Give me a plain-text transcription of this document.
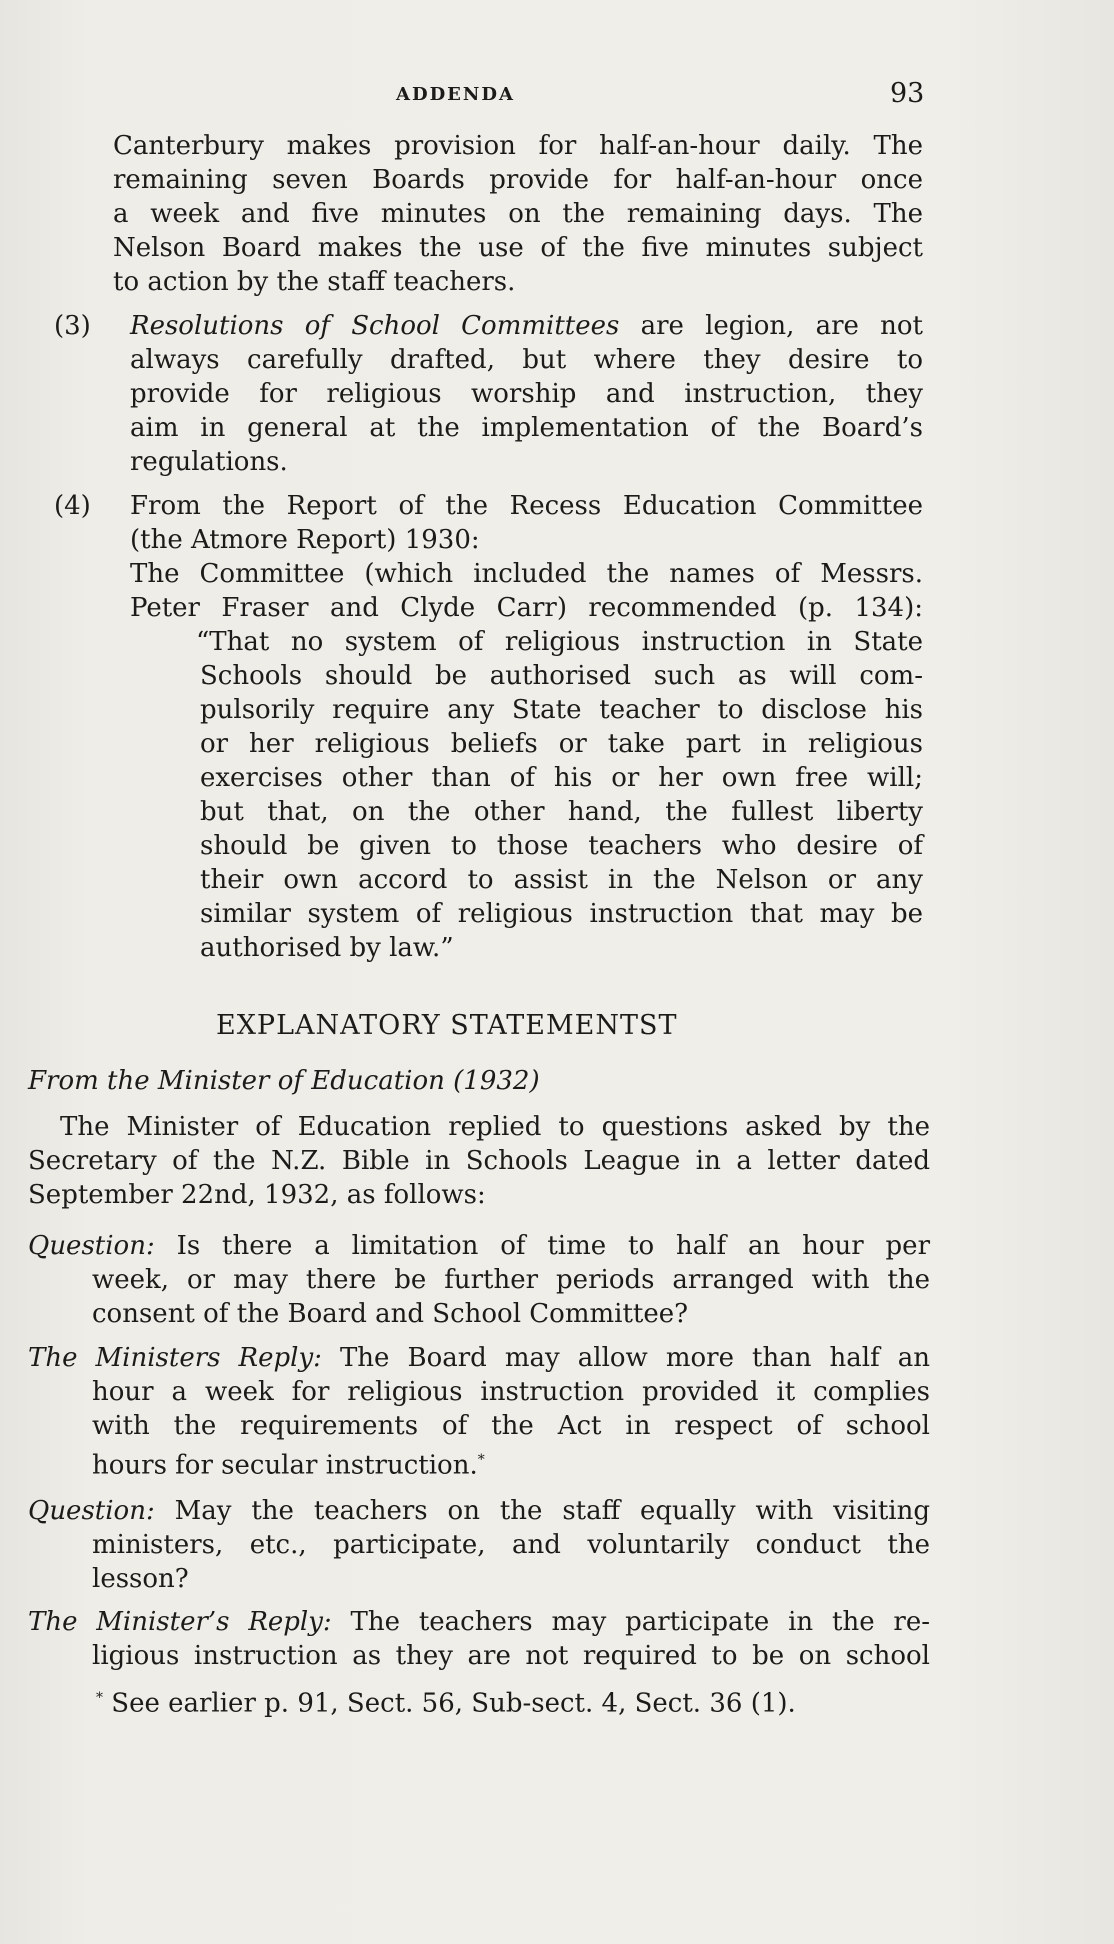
ADDENDA	93
Canterbury makes provision for half-an-hour daily. The
remaining seven Boards provide for half-an-hour once
a week and five minutes on the remaining days. The
Nelson Board makes the use of the five minutes subject
to action by the staff teachers.
(3) Resolutions of School Committees are legion, are not
always carefully drafted, but where they desire to
provide for religious worship and instruction, they
aim in general at the implementation of the Board’s
regulations.
(4) From the Report of the Recess Education Committee
(the Atmore Report) 1930:
The Committee (which included the names of Messrs.
Peter Fraser and Clyde Carr) recommended (p. 134):
“That no system of religious instruction in State
Schools should be authorised such as will com-
pulsorily require any State teacher to disclose his
or her religious beliefs or take part in religious
exercises other than of his or her own free will;
but that, on the other hand, the fullest liberty
should be given to those teachers who desire of
their own accord to assist in the Nelson or any
similar system of religious instruction that may be
authorised by law.”
EXPLANATORY STATEMENTST
From the Minister of Education (1932)
The Minister of Education replied to questions asked by the
Secretary of the N.Z. Bible in Schools League in a letter dated
September 22nd, 1932, as follows:
Question: Is there a limitation of time to half an hour per
week, or may there be further periods arranged with the
consent of the Board and School Committee?
The Ministers Reply: The Board may allow more than half an
hour a week for religious instruction provided it complies
with the requirements of the Act in respect of school
hours for secular instruction.*
Question: May the teachers on the staff equally with visiting
ministers, etc., participate, and voluntarily conduct the
lesson?
The Minister’s Reply: The teachers may participate in the re-
ligious instruction as they are not required to be on school
* See earlier p. 91, Sect. 56, Sub-sect. 4, Sect. 36 (1).
